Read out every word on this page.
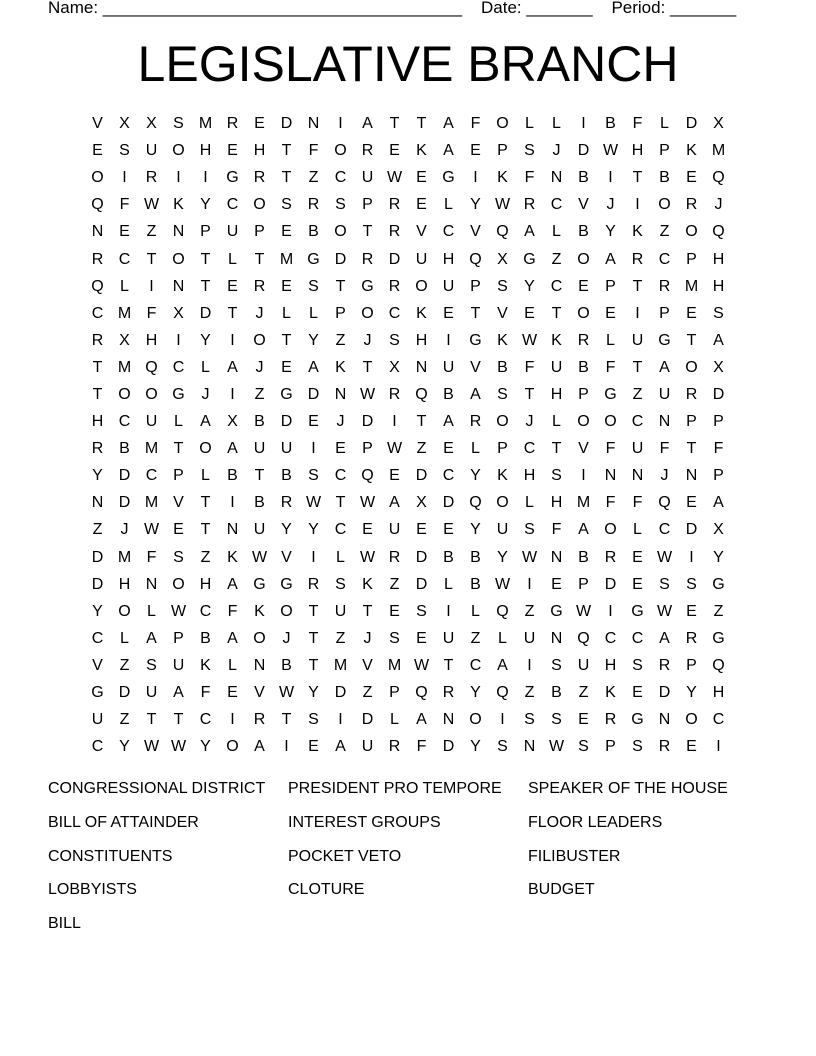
Name: ______________________________________ Date: _______ Period: _______
LEGISLATIVE BRANCH
V	X	X	S M R E D N	I	A	T	T	A	F O	L	L	I	B	F	L	D X
E	S U O H E H	T	F O R E	K	A	E	P	S	J	D W H P	K M
O	I	R	I	I	G R	T	Z	C U W E G	I	K	F	N B	I	T	B	E Q
Q F W K	Y C O S R S	P R E	L	Y W R C V	J	I	O R	J
N E	Z	N P U P	E	B O T	R V C V Q A	L	B	Y	K	Z O Q
R C	T O T	L	T M G D R D U H Q X G Z O A R C P H
Q	L	I	N	T	E R E	S	T G R O U P	S	Y C E	P	T	R M H
C M F	X D	T	J	L	L	P O C K	E	T	V	E	T O E	I	P	E	S
R X H	I	Y	I	O T	Y	Z	J	S H	I	G K W K R	L	U G T	A
T M Q C	L	A	J	E	A	K	T	X N U V	B	F	U B	F	T	A O X
T O O G	J	I	Z G D N W R Q B	A	S	T	H P G Z	U R D
H C U	L	A	X	B D E	J	D	I	T	A R O	J	L	O O C N P	P
R B M T O A U U	I	E	P W Z	E	L	P C	T	V	F	U	F	T	F
Y D C P	L	B	T	B	S C Q E D C Y	K H S	I	N N	J	N P
N D M V	T	I	B R W T W A	X D Q O	L	H M F	F Q E	A
Z	J W E	T	N U Y	Y C E U E	E	Y U S	F	A O	L	C D X
D M F	S	Z	K W V	I	L W R D B	B	Y W N B R E W	I	Y
D H N O H A G G R S	K	Z	D	L	B W	I	E	P D E	S	S G
Y O	L W C	F	K O T	U	T	E	S	I	L	Q Z G W	I	G W E	Z
C	L	A	P	B	A O	J	T	Z	J	S	E U	Z	L	U N Q C C A R G
V	Z	S U K	L	N B	T M V M W T	C A	I	S U H S R P Q
G D U A	F	E	V W Y D	Z	P Q R Y Q Z	B	Z	K	E D Y H
U	Z	T	T	C	I	R	T	S	I	D	L	A N O	I	S	S	E R G N O C
C Y W W Y O A	I	E	A U R	F	D Y	S N W S	P	S R E	I
CONGRESSIONAL DISTRICT	PRESIDENT PRO TEMPORE	SPEAKER OF THE HOUSE
BILL OF ATTAINDER	INTEREST GROUPS	FLOOR LEADERS
CONSTITUENTS	POCKET VETO	FILIBUSTER
LOBBYISTS	CLOTURE	BUDGET
BILL
